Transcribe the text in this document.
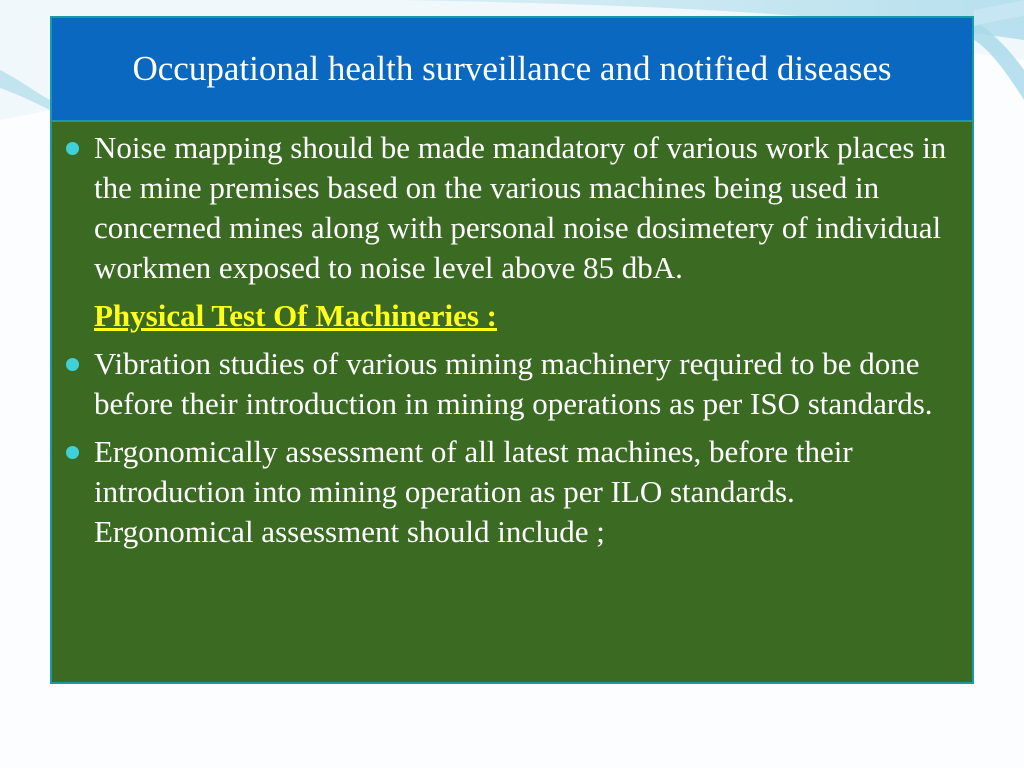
Occupational health surveillance and notified diseases

Noise mapping should be made mandatory of various work places in the mine premises based on the various machines being used in concerned mines along with personal noise dosimetery of individual workmen exposed to noise level above 85 dbA.

Physical Test Of Machineries :

Vibration studies of various mining machinery required to be done before their introduction in mining operations as per ISO standards.

Ergonomically assessment of all latest machines, before their introduction into mining operation as per ILO standards. Ergonomical assessment should include ;
